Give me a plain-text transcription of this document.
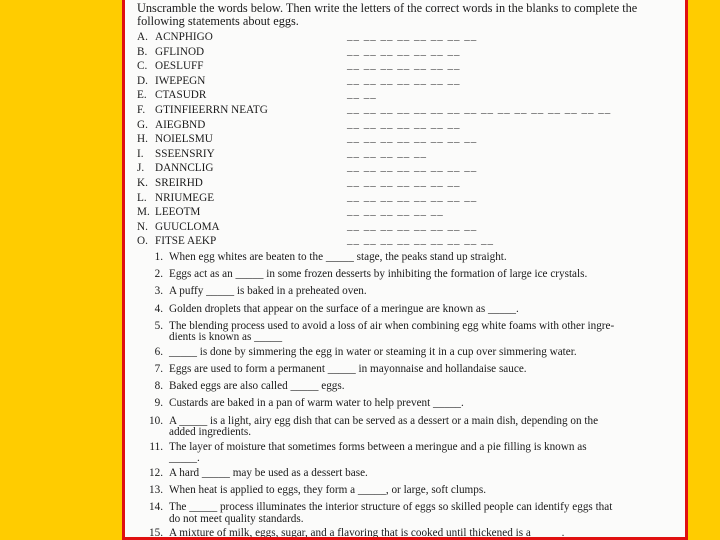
Unscramble the words below. Then write the letters of the correct words in the blanks to complete the following statements about eggs.
A. ACNPHIGO	__ __ __ __ __ __ __ __
B. GFLINOD	__ __ __ __ __ __ __
C. OESLUFF	__ __ __ __ __ __ __
D. IWEPEGN	__ __ __ __ __ __ __
E. CTASUDR	__ __
F. GTINFIEERRN NEATG	__ __ __ __ __ __ __ __ __ __ __ __ __ __ __ __
G. AIEGBND	__ __ __ __ __ __ __
H. NOIELSMU	__ __ __ __ __ __ __ __
I. SSEENSRIY	__ __ __ __ __
J. DANNCLIG	__ __ __ __ __ __ __ __
K. SREIRHD	__ __ __ __ __ __ __
L. NRIUMEGE	__ __ __ __ __ __ __ __
M. LEEOTM	__ __ __ __ __ __
N. GUUCLOMA	__ __ __ __ __ __ __ __
O. FITSE AEKP	__ __ __ __ __ __ __ __ __
1. When egg whites are beaten to the _____ stage, the peaks stand up straight.
2. Eggs act as an _____ in some frozen desserts by inhibiting the formation of large ice crystals.
3. A puffy _____ is baked in a preheated oven.
4. Golden droplets that appear on the surface of a meringue are known as _____.
5. The blending process used to avoid a loss of air when combining egg white foams with other ingre-
dients is known as _____
6. _____ is done by simmering the egg in water or steaming it in a cup over simmering water.
7. Eggs are used to form a permanent _____ in mayonnaise and hollandaise sauce.
8. Baked eggs are also called _____ eggs.
9. Custards are baked in a pan of warm water to help prevent _____.
10. A _____ is a light, airy egg dish that can be served as a dessert or a main dish, depending on the
added ingredients.
11. The layer of moisture that sometimes forms between a meringue and a pie filling is known as
_____.
12. A hard _____ may be used as a dessert base.
13. When heat is applied to eggs, they form a _____, or large, soft clumps.
14. The _____ process illuminates the interior structure of eggs so skilled people can identify eggs that
do not meet quality standards.
15. A mixture of milk, eggs, sugar, and a flavoring that is cooked until thickened is a _____.
